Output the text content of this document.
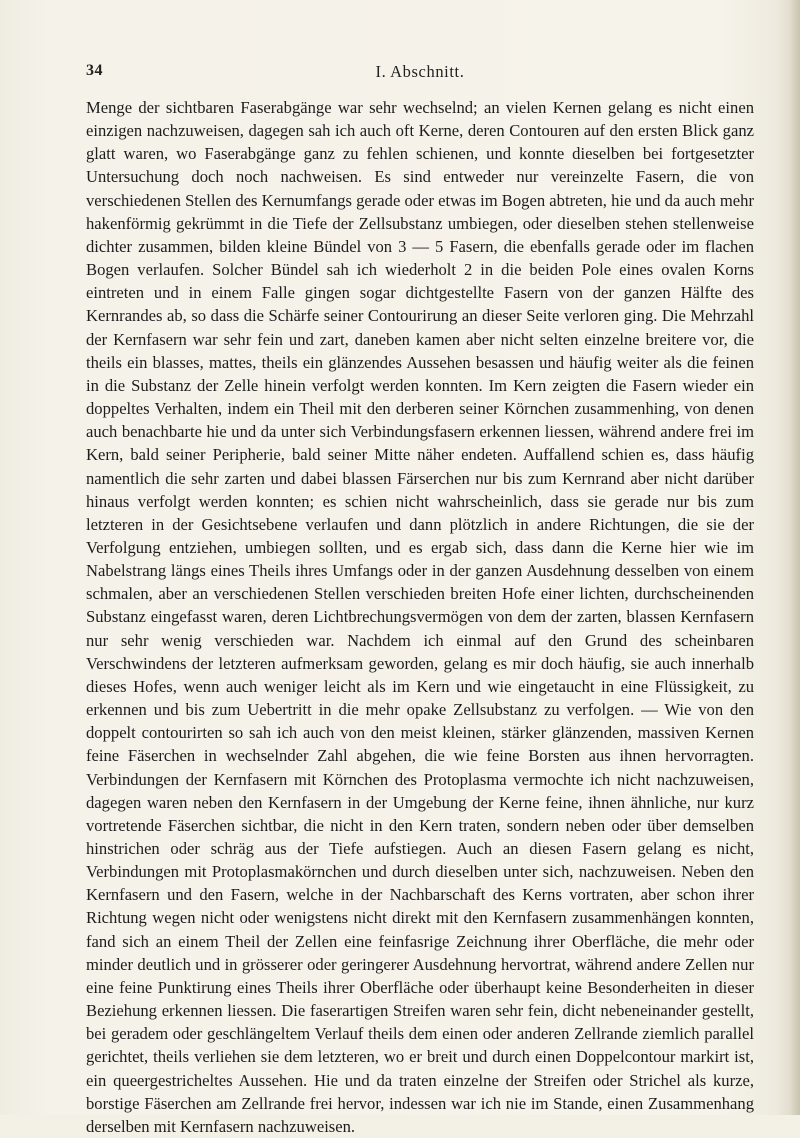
34	I. Abschnitt.

Menge der sichtbaren Faserabgänge war sehr wechselnd; an vielen Kernen gelang es nicht einen einzigen nachzuweisen, dagegen sah ich auch oft Kerne, deren Contouren auf den ersten Blick ganz glatt waren, wo Faserabgänge ganz zu fehlen schienen, und konnte dieselben bei fortgesetzter Untersuchung doch noch nachweisen. Es sind entweder nur vereinzelte Fasern, die von verschiedenen Stellen des Kernumfangs gerade oder etwas im Bogen abtreten, hie und da auch mehr hakenförmig gekrümmt in die Tiefe der Zellsubstanz umbiegen, oder dieselben stehen stellenweise dichter zusammen, bilden kleine Bündel von 3 — 5 Fasern, die ebenfalls gerade oder im flachen Bogen verlaufen. Solcher Bündel sah ich wiederholt 2 in die beiden Pole eines ovalen Korns eintreten und in einem Falle gingen sogar dichtgestellte Fasern von der ganzen Hälfte des Kernrandes ab, so dass die Schärfe seiner Contourirung an dieser Seite verloren ging. Die Mehrzahl der Kernfasern war sehr fein und zart, daneben kamen aber nicht selten einzelne breitere vor, die theils ein blasses, mattes, theils ein glänzendes Aussehen besassen und häufig weiter als die feinen in die Substanz der Zelle hinein verfolgt werden konnten. Im Kern zeigten die Fasern wieder ein doppeltes Verhalten, indem ein Theil mit den derberen seiner Körnchen zusammenhing, von denen auch benachbarte hie und da unter sich Verbindungsfasern erkennen liessen, während andere frei im Kern, bald seiner Peripherie, bald seiner Mitte näher endeten. Auffallend schien es, dass häufig namentlich die sehr zarten und dabei blassen Färserchen nur bis zum Kernrand aber nicht darüber hinaus verfolgt werden konnten; es schien nicht wahrscheinlich, dass sie gerade nur bis zum letzteren in der Gesichtsebene verlaufen und dann plötzlich in andere Richtungen, die sie der Verfolgung entziehen, umbiegen sollten, und es ergab sich, dass dann die Kerne hier wie im Nabelstrang längs eines Theils ihres Umfangs oder in der ganzen Ausdehnung desselben von einem schmalen, aber an verschiedenen Stellen verschieden breiten Hofe einer lichten, durchscheinenden Substanz eingefasst waren, deren Lichtbrechungsvermögen von dem der zarten, blassen Kernfasern nur sehr wenig verschieden war. Nachdem ich einmal auf den Grund des scheinbaren Verschwindens der letzteren aufmerksam geworden, gelang es mir doch häufig, sie auch innerhalb dieses Hofes, wenn auch weniger leicht als im Kern und wie eingetaucht in eine Flüssigkeit, zu erkennen und bis zum Uebertritt in die mehr opake Zellsubstanz zu verfolgen. — Wie von den doppelt contourirten so sah ich auch von den meist kleinen, stärker glänzenden, massiven Kernen feine Fäserchen in wechselnder Zahl abgehen, die wie feine Borsten aus ihnen hervorragten. Verbindungen der Kernfasern mit Körnchen des Protoplasma vermochte ich nicht nachzuweisen, dagegen waren neben den Kernfasern in der Umgebung der Kerne feine, ihnen ähnliche, nur kurz vortretende Fäserchen sichtbar, die nicht in den Kern traten, sondern neben oder über demselben hinstrichen oder schräg aus der Tiefe aufstiegen. Auch an diesen Fasern gelang es nicht, Verbindungen mit Protoplasmakörnchen und durch dieselben unter sich, nachzuweisen. Neben den Kernfasern und den Fasern, welche in der Nachbarschaft des Kerns vortraten, aber schon ihrer Richtung wegen nicht oder wenigstens nicht direkt mit den Kernfasern zusammenhängen konnten, fand sich an einem Theil der Zellen eine feinfasrige Zeichnung ihrer Oberfläche, die mehr oder minder deutlich und in grösserer oder geringerer Ausdehnung hervortrat, während andere Zellen nur eine feine Punktirung eines Theils ihrer Oberfläche oder überhaupt keine Besonderheiten in dieser Beziehung erkennen liessen. Die faserartigen Streifen waren sehr fein, dicht nebeneinander gestellt, bei geradem oder geschlängeltem Verlauf theils dem einen oder anderen Zellrande ziemlich parallel gerichtet, theils verliehen sie dem letzteren, wo er breit und durch einen Doppelcontour markirt ist, ein queergestricheltes Aussehen. Hie und da traten einzelne der Streifen oder Strichel als kurze, borstige Fäserchen am Zellrande frei hervor, indessen war ich nie im Stande, einen Zusammenhang derselben mit Kernfasern nachzuweisen.
